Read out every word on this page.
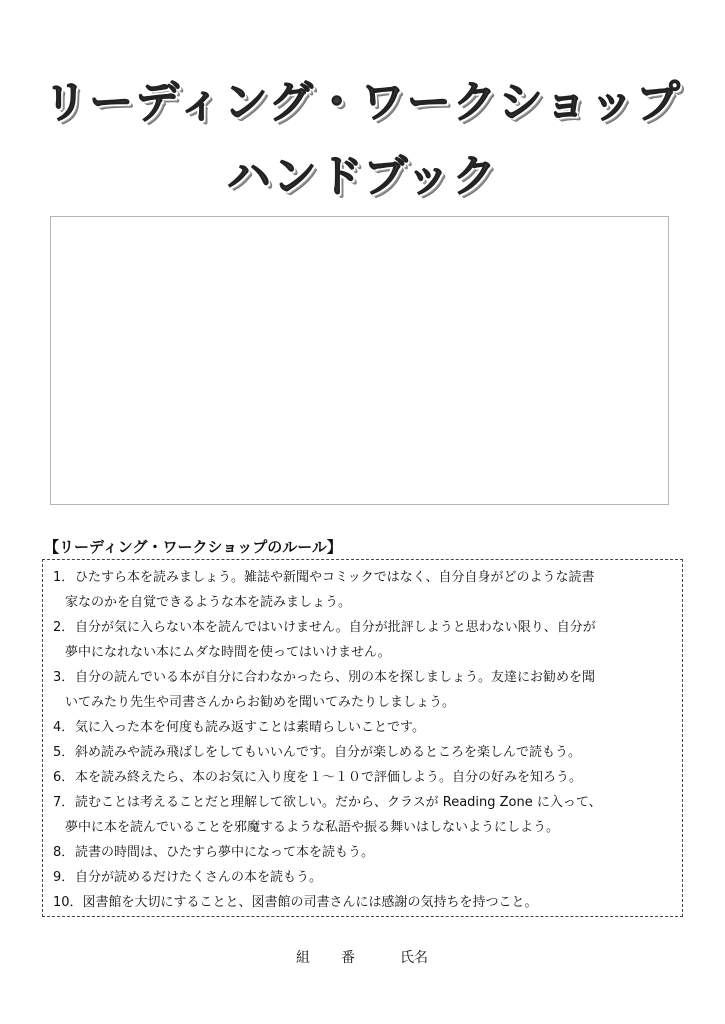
リーディング・ワークショップ
ハンドブック
【リーディング・ワークショップのルール】
1．ひたすら本を読みましょう。雑誌や新聞やコミックではなく、自分自身がどのような読書
家なのかを自覚できるような本を読みましょう。
2．自分が気に入らない本を読んではいけません。自分が批評しようと思わない限り、自分が
夢中になれない本にムダな時間を使ってはいけません。
3．自分の読んでいる本が自分に合わなかったら、別の本を探しましょう。友達にお勧めを聞
いてみたり先生や司書さんからお勧めを聞いてみたりしましょう。
4．気に入った本を何度も読み返すことは素晴らしいことです。
5．斜め読みや読み飛ばしをしてもいいんです。自分が楽しめるところを楽しんで読もう。
6．本を読み終えたら、本のお気に入り度を１～１０で評価しよう。自分の好みを知ろう。
7．読むことは考えることだと理解して欲しい。だから、クラスが Reading Zone に入って、
夢中に本を読んでいることを邪魔するような私語や振る舞いはしないようにしよう。
8．読書の時間は、ひたすら夢中になって本を読もう。
9．自分が読めるだけたくさんの本を読もう。
10．図書館を大切にすることと、図書館の司書さんには感謝の気持ちを持つこと。
組 番	氏名
